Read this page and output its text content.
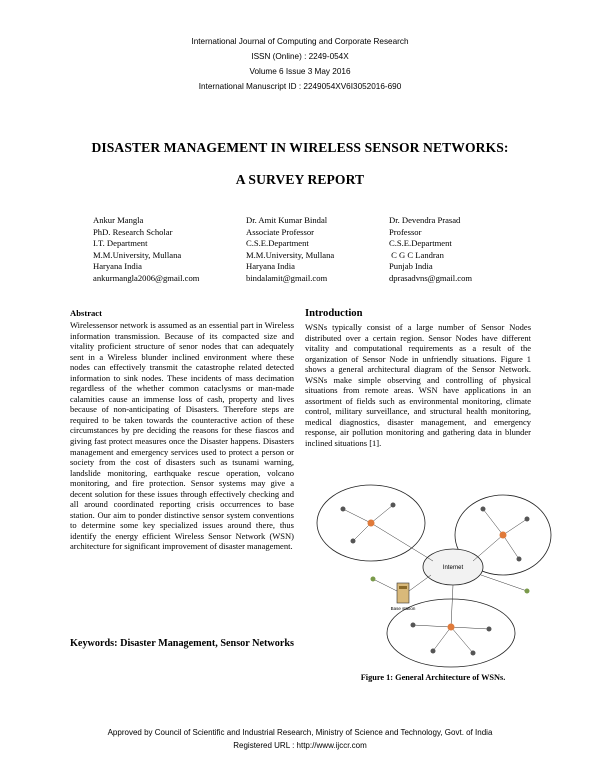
International Journal of Computing and Corporate Research
ISSN (Online) : 2249-054X
Volume 6 Issue 3 May 2016
International Manuscript ID : 2249054XV6I3052016-690
DISASTER MANAGEMENT IN WIRELESS SENSOR NETWORKS:
A SURVEY REPORT
Ankur Mangla
PhD. Research Scholar
I.T. Department
M.M.University, Mullana
Haryana India
ankurmangla2006@gmail.com
Dr. Amit Kumar Bindal
Associate Professor
C.S.E.Department
M.M.University, Mullana
Haryana India
bindalamit@gmail.com
Dr. Devendra Prasad
Professor
C.S.E.Department
C G C Landran
Punjab India
dprasadvns@gmail.com
Abstract
Wirelessensor network is assumed as an essential part in Wireless information transmission. Because of its compacted size and vitality proficient structure of senor nodes that can adequately sent in a Wireless blunder inclined environment where these nodes can effectively transmit the catastrophe related detected information to sink nodes. These incidents of mass decimation regardless of the whether common cataclysms or man-made calamities cause an immense loss of cash, property and lives because of non-anticipating of Disasters. Therefore steps are required to be taken towards the counteractive action of these circumstances by pre deciding the reasons for these fiascos and giving fast protect measures once the Disaster happens. Disasters management and emergency services used to protect a person or society from the cost of disasters such as tsunami warning, landslide monitoring, earthquake rescue operation, volcano monitoring, and fire protection. Sensor systems may give a decent solution for these issues through effectively checking and all around coordinated reporting crisis occurrences to base station. Our aim to ponder distinctive sensor system conventions to determine some key specialized issues around there, thus identify the energy efficient Wireless Sensor Network (WSN) architecture for significant improvement of disaster management.
Keywords: Disaster Management, Sensor Networks
Introduction
WSNs typically consist of a large number of Sensor Nodes distributed over a certain region. Sensor Nodes have different vitality and computational requirements as a result of the organization of Sensor Node in unfriendly situations. Figure 1 shows a general architectural diagram of the Sensor Network. WSNs make simple observing and controlling of physical situations from remote areas. WSN have applications in an assortment of fields such as environmental monitoring, climate control, military surveillance, and structural health monitoring, medical diagnostics, disaster management, and emergency response, air pollution monitoring and gathering data in blunder inclined situations [1].
Internet
Base station
Figure 1: General Architecture of WSNs.
Approved by Council of Scientific and Industrial Research, Ministry of Science and Technology, Govt. of India
Registered URL : http://www.ijccr.com
